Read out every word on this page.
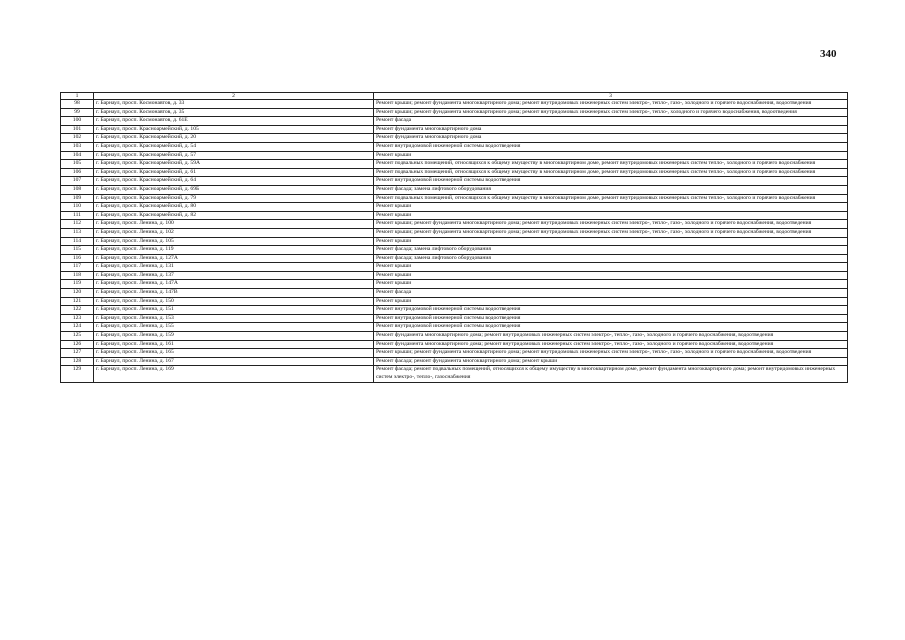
340
1	2	3
98	г. Барнаул, просп. Космонавтов, д. 33	Ремонт крыши; ремонт фундамента многоквартирного дома; ремонт внутридомовых инженерных систем электро-, тепло-, газо-, холодного и горячего водоснабжения, водоотведения
99	г. Барнаул, просп. Космонавтов, д. 35	Ремонт крыши; ремонт фундамента многоквартирного дома; ремонт внутридомовых инженерных систем электро-, тепло-, холодного и горячего водоснабжения, водоотведения
100	г. Барнаул, просп. Космонавтов, д. 61Е	Ремонт фасада
101	г. Барнаул, просп. Красноармейский, д. 105	Ремонт фундамента многоквартирного дома
102	г. Барнаул, просп. Красноармейский, д. 20	Ремонт фундамента многоквартирного дома
103	г. Барнаул, просп. Красноармейский, д. 54	Ремонт внутридомовой инженерной системы водоотведения
104	г. Барнаул, просп. Красноармейский, д. 57	Ремонт крыши
105	г. Барнаул, просп. Красноармейский, д. 59А	Ремонт подвальных помещений, относящихся к общему имуществу в многоквартирном доме, ремонт внутридомовых инженерных систем тепло-, холодного и горячего водоснабжения
106	г. Барнаул, просп. Красноармейский, д. 61	Ремонт подвальных помещений, относящихся к общему имуществу в многоквартирном доме, ремонт внутридомовых инженерных систем тепло-, холодного и горячего водоснабжения
107	г. Барнаул, просп. Красноармейский, д. 64	Ремонт внутридомовой инженерной системы водоотведения
108	г. Барнаул, просп. Красноармейский, д. 69Б	Ремонт фасада; замена лифтового оборудования
109	г. Барнаул, просп. Красноармейский, д. 79	Ремонт подвальных помещений, относящихся к общему имуществу в многоквартирном доме, ремонт внутридомовых инженерных систем тепло-, холодного и горячего водоснабжения
110	г. Барнаул, просп. Красноармейский, д. 80	Ремонт крыши
111	г. Барнаул, просп. Красноармейский, д. 82	Ремонт крыши
112	г. Барнаул, просп. Ленина, д. 100	Ремонт крыши; ремонт фундамента многоквартирного дома; ремонт внутридомовых инженерных систем электро-, тепло-, газо-, холодного и горячего водоснабжения, водоотведения
113	г. Барнаул, просп. Ленина, д. 102	Ремонт крыши; ремонт фундамента многоквартирного дома; ремонт внутридомовых инженерных систем электро-, тепло-, газо-, холодного и горячего водоснабжения, водоотведения
114	г. Барнаул, просп. Ленина, д. 105	Ремонт крыши
115	г. Барнаул, просп. Ленина, д. 119	Ремонт фасада; замена лифтового оборудования
116	г. Барнаул, просп. Ленина, д. 127А	Ремонт фасада; замена лифтового оборудования
117	г. Барнаул, просп. Ленина, д. 131	Ремонт крыши
118	г. Барнаул, просп. Ленина, д. 137	Ремонт крыши
119	г. Барнаул, просп. Ленина, д. 147А	Ремонт крыши
120	г. Барнаул, просп. Ленина, д. 147В	Ремонт фасада
121	г. Барнаул, просп. Ленина, д. 150	Ремонт крыши
122	г. Барнаул, просп. Ленина, д. 151	Ремонт внутридомовой инженерной системы водоотведения
123	г. Барнаул, просп. Ленина, д. 153	Ремонт внутридомовой инженерной системы водоотведения
124	г. Барнаул, просп. Ленина, д. 155	Ремонт внутридомовой инженерной системы водоотведения
125	г. Барнаул, просп. Ленина, д. 159	Ремонт фундамента многоквартирного дома; ремонт внутридомовых инженерных систем электро-, тепло-, газо-, холодного и горячего водоснабжения, водоотведения
126	г. Барнаул, просп. Ленина, д. 161	Ремонт фундамента многоквартирного дома; ремонт внутридомовых инженерных систем электро-, тепло-, газо-, холодного и горячего водоснабжения, водоотведения
127	г. Барнаул, просп. Ленина, д. 165	Ремонт крыши; ремонт фундамента многоквартирного дома; ремонт внутридомовых инженерных систем электро-, тепло-, газо-, холодного и горячего водоснабжения, водоотведения
128	г. Барнаул, просп. Ленина, д. 167	Ремонт фасада; ремонт фундамента многоквартирного дома; ремонт крыши
129	г. Барнаул, просп. Ленина, д. 169	Ремонт фасада; ремонт подвальных помещений, относящихся к общему имуществу в многоквартирном доме, ремонт фундамента многоквартирного дома; ремонт внутридомовых инженерных систем электро-, тепло-, газоснабжения
